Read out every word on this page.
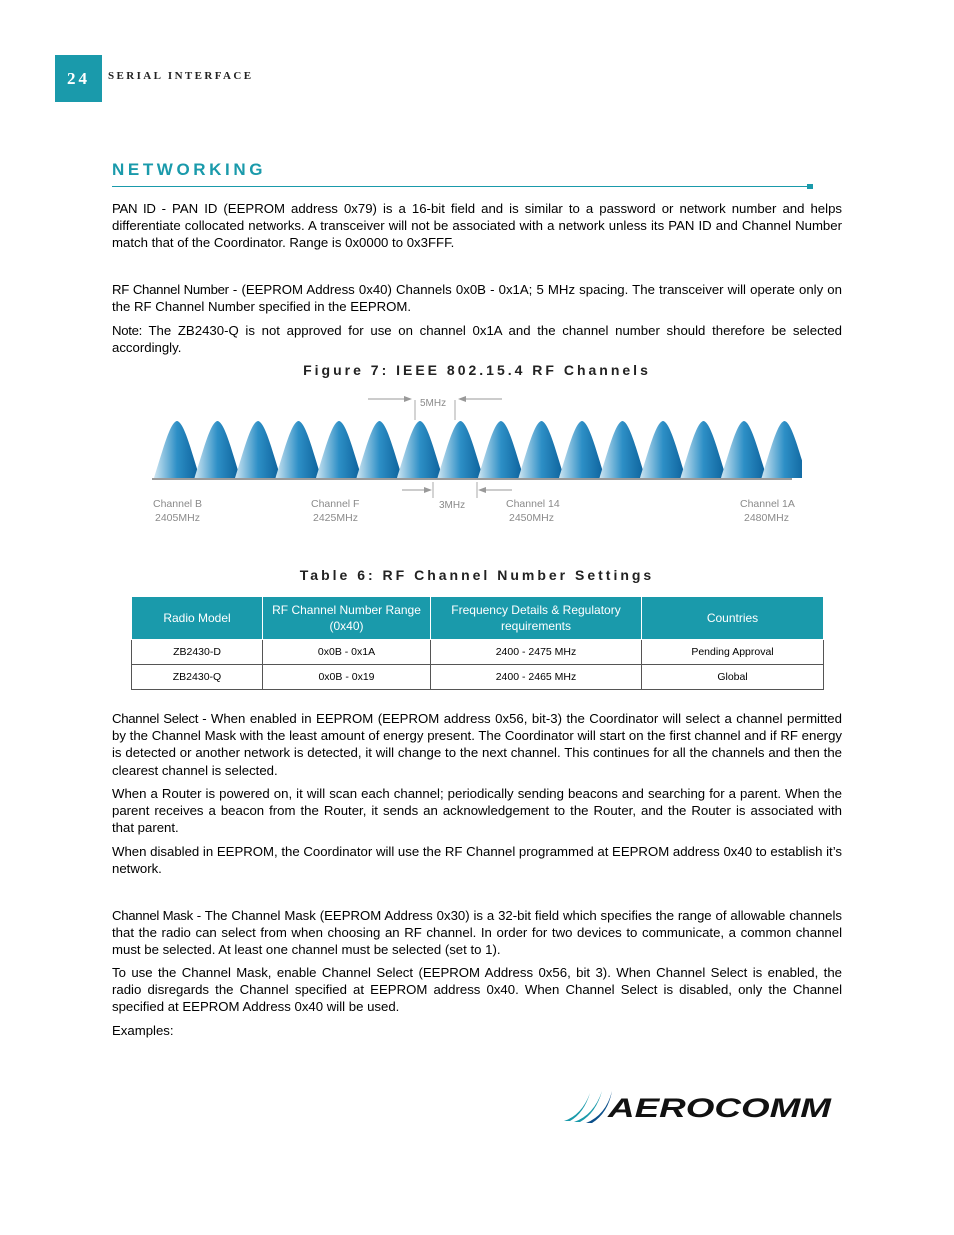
24 SERIAL INTERFACE
NETWORKING

PAN ID - PAN ID (EEPROM address 0x79) is a 16-bit field and is similar to a password or network number and helps differentiate collocated networks. A transceiver will not be associated with a network unless its PAN ID and Channel Number match that of the Coordinator. Range is 0x0000 to 0x3FFF.

RF Channel Number - (EEPROM Address 0x40) Channels 0x0B - 0x1A; 5 MHz spacing. The transceiver will operate only on the RF Channel Number specified in the EEPROM.

Note: The ZB2430-Q is not approved for use on channel 0x1A and the channel number should therefore be selected accordingly.

Figure 7: IEEE 802.15.4 RF Channels
5MHz
3MHz
Channel B
2405MHz
Channel F
2425MHz
Channel 14
2450MHz
Channel 1A
2480MHz
Table 6: RF Channel Number Settings
Radio Model	RF Channel Number Range (0x40)	Frequency Details & Regulatory requirements	Countries
ZB2430-D	0x0B - 0x1A	2400 - 2475 MHz	Pending Approval
ZB2430-Q	0x0B - 0x19	2400 - 2465 MHz	Global

Channel Select - When enabled in EEPROM (EEPROM address 0x56, bit-3) the Coordinator will select a channel permitted by the Channel Mask with the least amount of energy present. The Coordinator will start on the first channel and if RF energy is detected or another network is detected, it will change to the next channel. This continues for all the channels and then the clearest channel is selected.

When a Router is powered on, it will scan each channel; periodically sending beacons and searching for a parent. When the parent receives a beacon from the Router, it sends an acknowledgement to the Router, and the Router is associated with that parent.

When disabled in EEPROM, the Coordinator will use the RF Channel programmed at EEPROM address 0x40 to establish it’s network.

Channel Mask - The Channel Mask (EEPROM Address 0x30) is a 32-bit field which specifies the range of allowable channels that the radio can select from when choosing an RF channel. In order for two devices to communicate, a common channel must be selected. At least one channel must be selected (set to 1).

To use the Channel Mask, enable Channel Select (EEPROM Address 0x56, bit 3). When Channel Select is enabled, the radio disregards the Channel specified at EEPROM address 0x40. When Channel Select is disabled, only the Channel specified at EEPROM Address 0x40 will be used.

Examples:

AEROCOMM
